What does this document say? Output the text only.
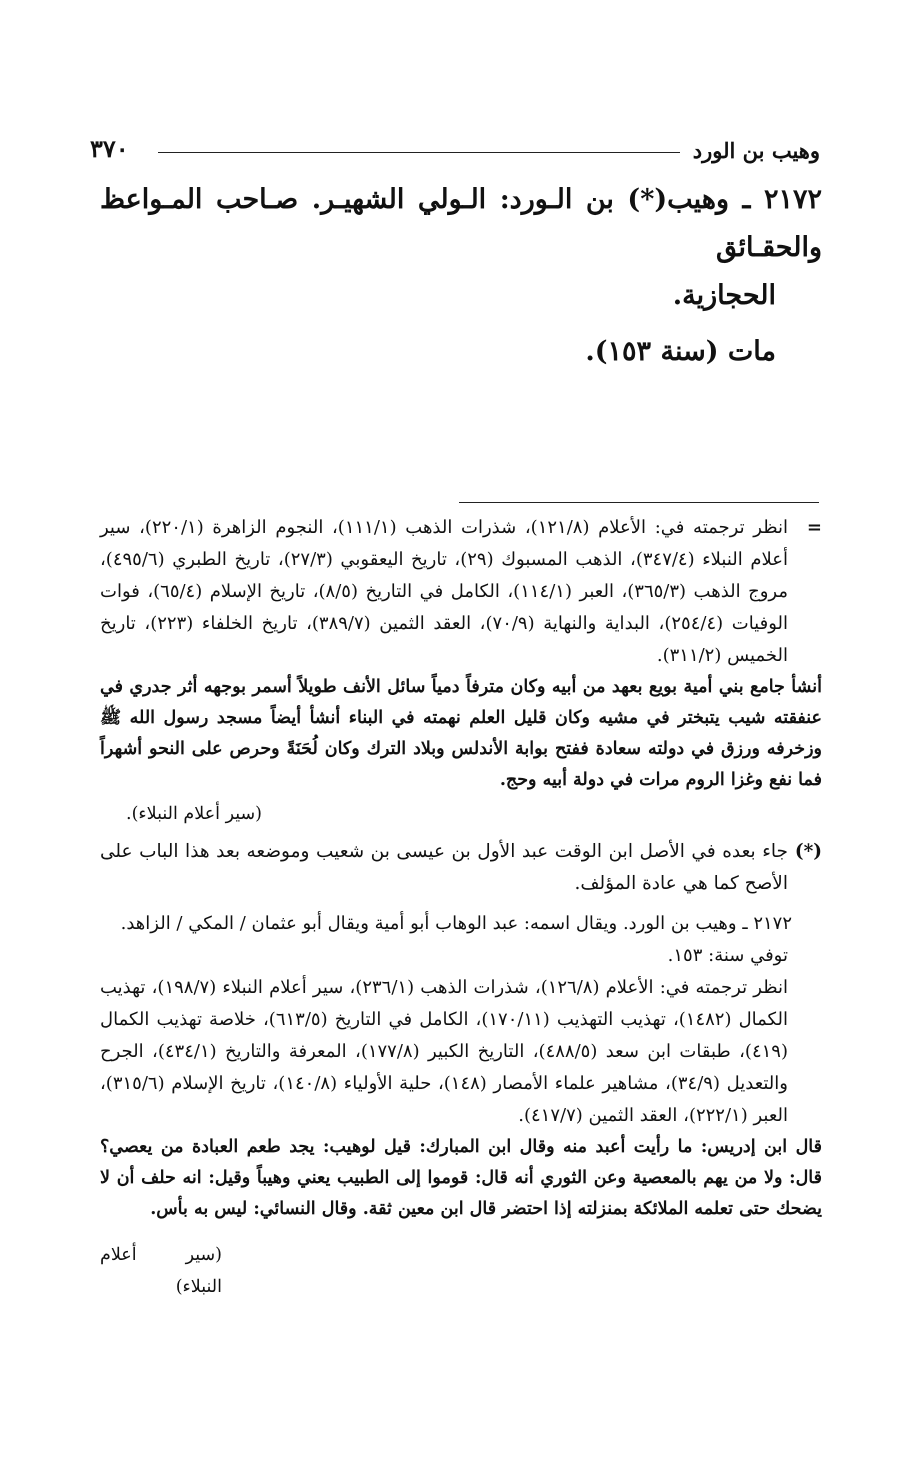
وهيب بن الورد
٣٧٠
٢١٧٢ ـ وهيب(*) بن الـورد: الـولي الشهيـر. صـاحب المـواعظ والحقـائق
الحجازية.
مات (سنة ١٥٣).
=
انظر ترجمته في: الأعلام (١٢١/٨)، شذرات الذهب (١١١/١)، النجوم الزاهرة (٢٢٠/١)، سير أعلام النبلاء (٣٤٧/٤)، الذهب المسبوك (٢٩)، تاريخ اليعقوبي (٢٧/٣)، تاريخ الطبري (٤٩٥/٦)، مروج الذهب (٣٦٥/٣)، العبر (١١٤/١)، الكامل في التاريخ (٨/٥)، تاريخ الإسلام (٦٥/٤)، فوات الوفيات (٢٥٤/٤)، البداية والنهاية (٧٠/٩)، العقد الثمين (٣٨٩/٧)، تاريخ الخلفاء (٢٢٣)، تاريخ الخميس (٣١١/٢).
أنشأ جامع بني أمية بويع بعهد من أبيه وكان مترفاً دمياً سائل الأنف طويلاً أسمر بوجهه أثر جدري في عنفقته شيب يتبختر في مشيه وكان قليل العلم نهمته في البناء أنشأ أيضاً مسجد رسول الله ﷺ وزخرفه ورزق في دولته سعادة ففتح بوابة الأندلس وبلاد الترك وكان لُحَنَةً وحرص على النحو أشهراً فما نفع وغزا الروم مرات في دولة أبيه وحج.
(سير أعلام النبلاء).
(*)
جاء بعده في الأصل ابن الوقت عبد الأول بن عيسى بن شعيب وموضعه بعد هذا الباب على الأصح كما هي عادة المؤلف.
٢١٧٢ ـ وهيب بن الورد. ويقال اسمه: عبد الوهاب أبو أمية ويقال أبو عثمان / المكي / الزاهد.
توفي سنة: ١٥٣.
انظر ترجمته في: الأعلام (١٢٦/٨)، شذرات الذهب (٢٣٦/١)، سير أعلام النبلاء (١٩٨/٧)، تهذيب الكمال (١٤٨٢)، تهذيب التهذيب (١٧٠/١١)، الكامل في التاريخ (٦١٣/٥)، خلاصة تهذيب الكمال (٤١٩)، طبقات ابن سعد (٤٨٨/٥)، التاريخ الكبير (١٧٧/٨)، المعرفة والتاريخ (٤٣٤/١)، الجرح والتعديل (٣٤/٩)، مشاهير علماء الأمصار (١٤٨)، حلية الأولياء (١٤٠/٨)، تاريخ الإسلام (٣١٥/٦)، العبر (٢٢٢/١)، العقد الثمين (٤١٧/٧).
قال ابن إدريس: ما رأيت أعبد منه وقال ابن المبارك: قيل لوهيب: يجد طعم العبادة من يعصي؟ قال: ولا من يهم بالمعصية وعن الثوري أنه قال: قوموا إلى الطبيب يعني وهيباً وقيل: انه حلف أن لا يضحك حتى تعلمه الملائكة بمنزلته إذا احتضر قال ابن معين ثقة. وقال النسائي: ليس به بأس.
(سير أعلام النبلاء)
